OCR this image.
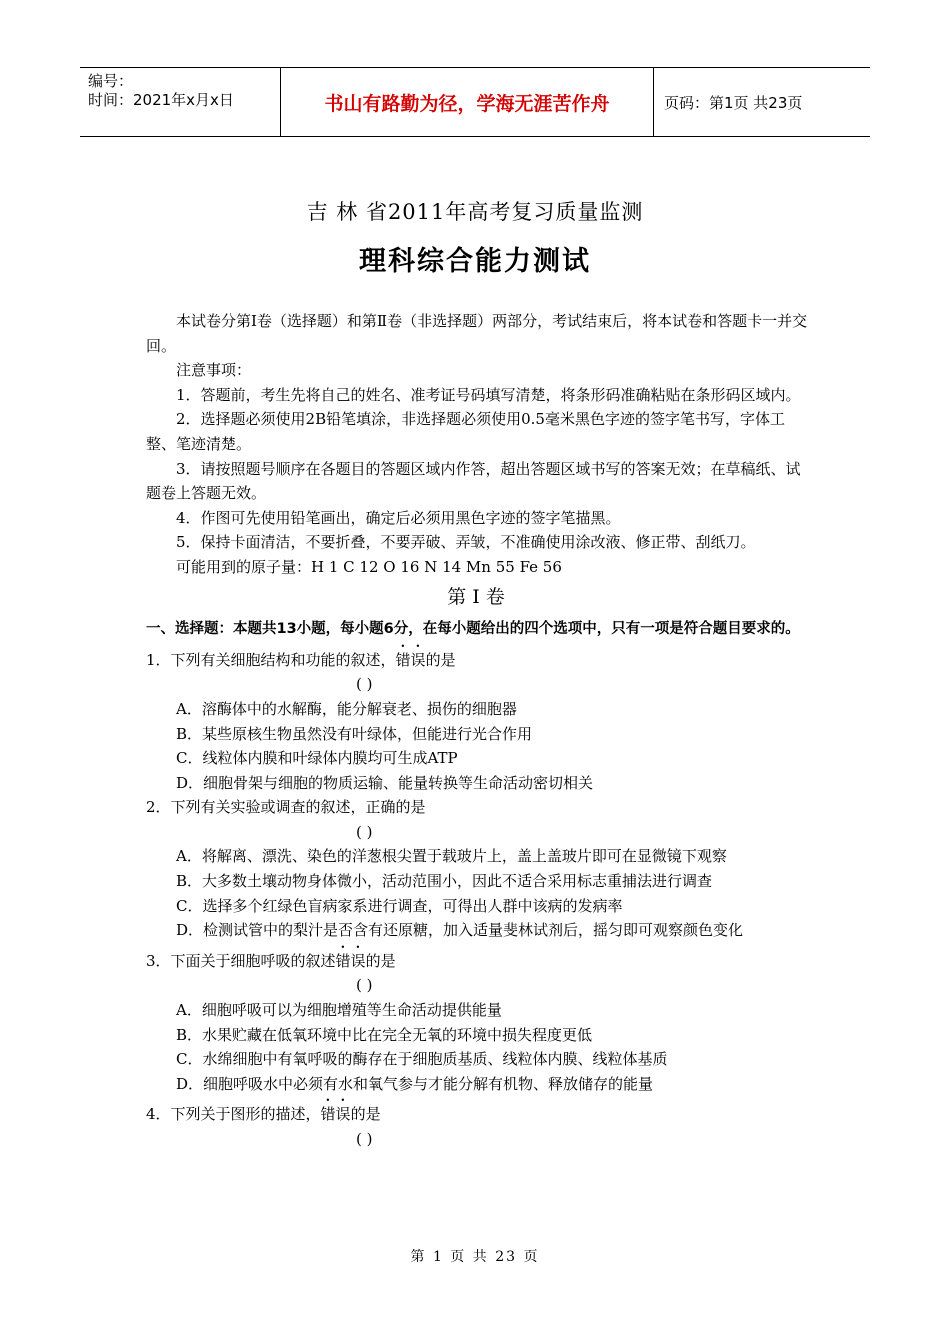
编号：
时间：2021年x月x日	书山有路勤为径，学海无涯苦作舟	页码：第1页 共23页
吉 林 省2011年高考复习质量监测
理科综合能力测试

本试卷分第Ⅰ卷（选择题）和第Ⅱ卷（非选择题）两部分，考试结束后，将本试卷和答题卡一并交回。

注意事项：

1．答题前，考生先将自己的姓名、准考证号码填写清楚，将条形码准确粘贴在条形码区域内。

2．选择题必须使用2B铅笔填涂，非选择题必须使用0.5毫米黑色字迹的签字笔书写，字体工整、笔迹清楚。

3．请按照题号顺序在各题目的答题区域内作答，超出答题区域书写的答案无效；在草稿纸、试题卷上答题无效。

4．作图可先使用铅笔画出，确定后必须用黑色字迹的签字笔描黑。

5．保持卡面清洁，不要折叠，不要弄破、弄皱，不准确使用涂改液、修正带、刮纸刀。

可能用到的原子量：H 1 C 12 O 16 N 14 Mn 55 Fe 56

第Ⅰ卷

一、选择题：本题共13小题，每小题6分，在每小题给出的四个选项中，只有一项是符合题目要求的。

1．下列有关细胞结构和功能的叙述，错误的是

( )

A．溶酶体中的水解酶，能分解衰老、损伤的细胞器

B．某些原核生物虽然没有叶绿体，但能进行光合作用

C．线粒体内膜和叶绿体内膜均可生成ATP

D．细胞骨架与细胞的物质运输、能量转换等生命活动密切相关

2．下列有关实验或调查的叙述，正确的是

( )

A．将解离、漂洗、染色的洋葱根尖置于载玻片上，盖上盖玻片即可在显微镜下观察

B．大多数土壤动物身体微小，活动范围小，因此不适合采用标志重捕法进行调查

C．选择多个红绿色盲病家系进行调查，可得出人群中该病的发病率

D．检测试管中的梨汁是否含有还原糖，加入适量斐林试剂后，摇匀即可观察颜色变化

3．下面关于细胞呼吸的叙述错误的是

( )

A．细胞呼吸可以为细胞增殖等生命活动提供能量

B．水果贮藏在低氧环境中比在完全无氧的环境中损失程度更低

C．水绵细胞中有氧呼吸的酶存在于细胞质基质、线粒体内膜、线粒体基质

D．细胞呼吸水中必须有水和氧气参与才能分解有机物、释放储存的能量

4．下列关于图形的描述，错误的是

( )

第 1 页 共 23 页
